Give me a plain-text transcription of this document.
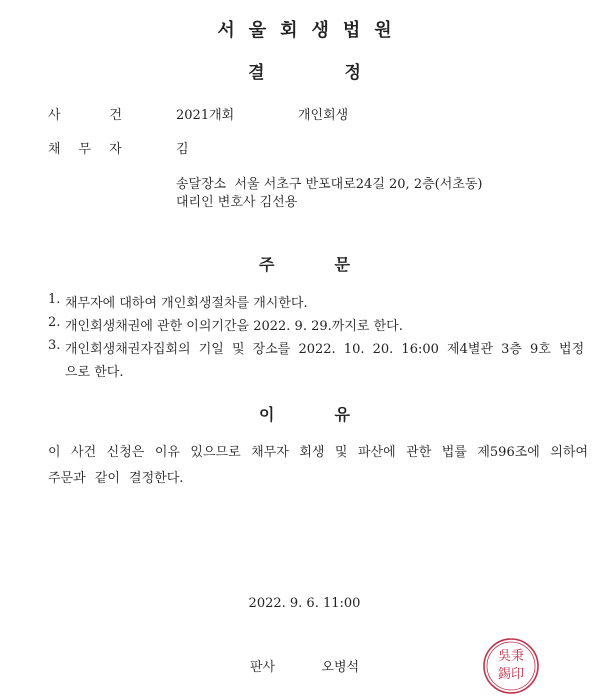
서울회생법원
결정
사건 2021개회	개인회생
채무자	김
송달장소  서울 서초구 반포대로24길 20, 2층(서초동)
대리인 변호사 김선용
주문
1. 채무자에 대하여 개인회생절차를 개시한다.
2. 개인회생채권에 관한 이의기간을 2022. 9. 29.까지로 한다.
3. 개인회생채권자집회의 기일 및 장소를 2022. 10. 20. 16:00 제4별관 3층 9호 법정
으로 한다.
이유
이 사건 신청은 이유 있으므로 채무자 회생 및 파산에 관한 법률 제596조에 의하여 주문과 같이 결정한다.
2022. 9. 6. 11:00
판사	오병석
吳秉
錫印
